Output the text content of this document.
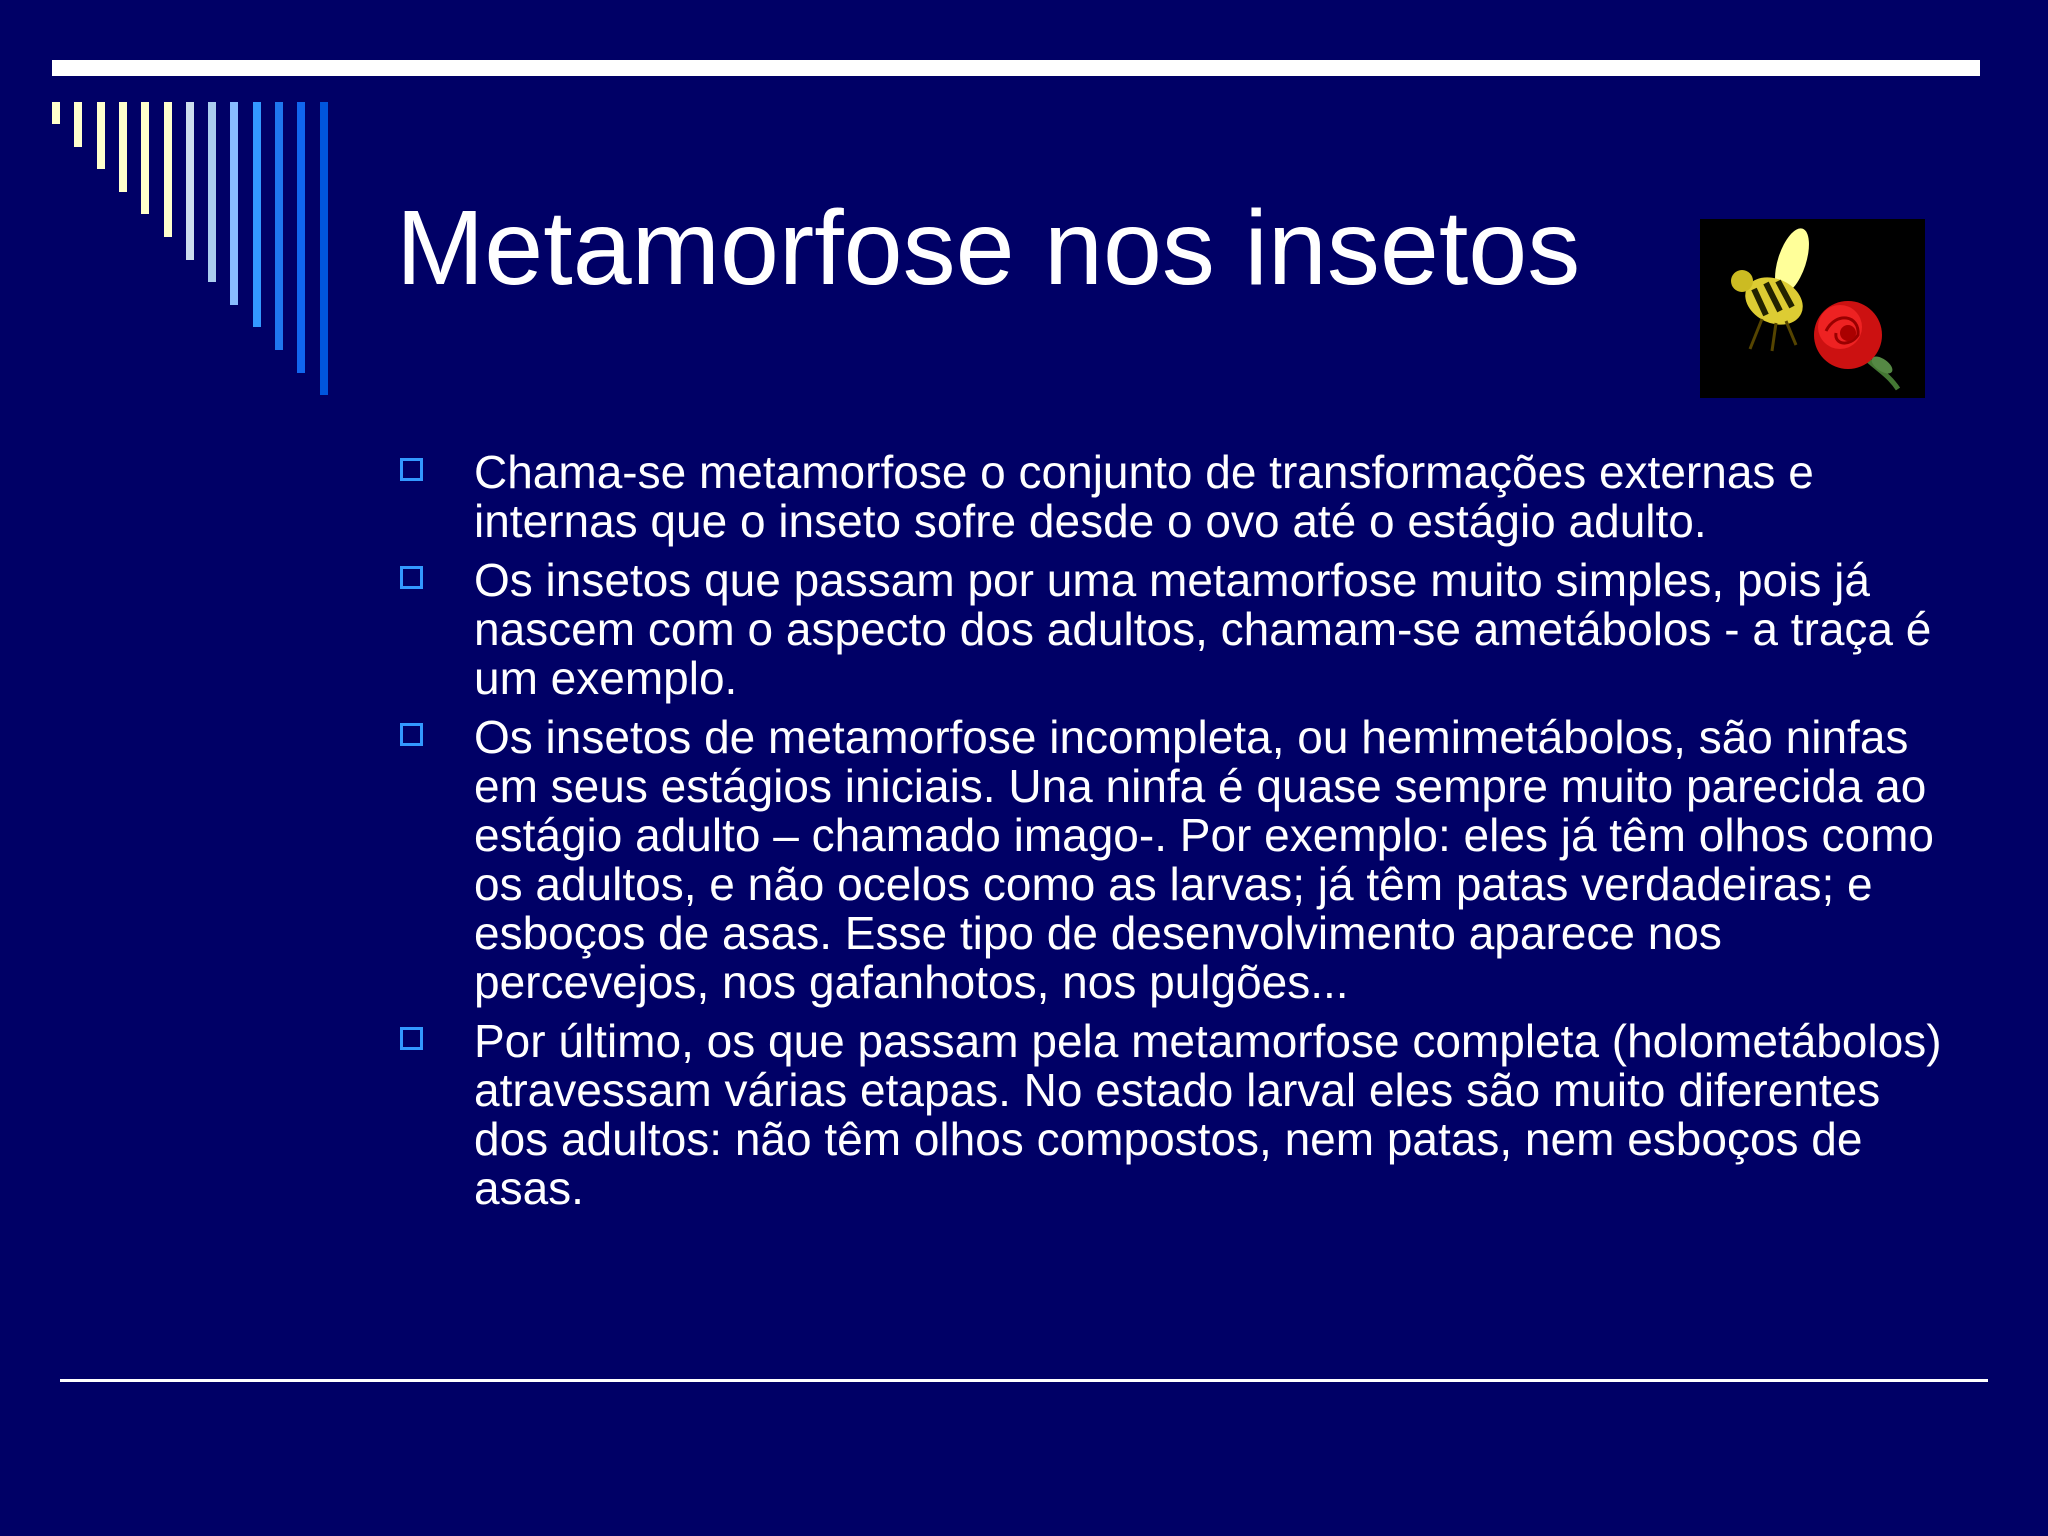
Metamorfose nos insetos
Chama-se metamorfose o conjunto de transformações externas e internas que o inseto sofre desde o ovo até o estágio adulto.
Os insetos que passam por uma metamorfose muito simples, pois já nascem com o aspecto dos adultos, chamam-se ametábolos - a traça é um exemplo.
Os insetos de metamorfose incompleta, ou hemimetábolos, são ninfas em seus estágios iniciais. Una ninfa é quase sempre muito parecida ao estágio adulto – chamado imago-. Por exemplo: eles já têm olhos como os adultos, e não ocelos como as larvas; já têm patas verdadeiras; e esboços de asas. Esse tipo de desenvolvimento aparece nos percevejos, nos gafanhotos, nos pulgões...
Por último, os que passam pela metamorfose completa (holometábolos) atravessam várias etapas. No estado larval eles são muito diferentes dos adultos: não têm olhos compostos, nem patas, nem esboços de asas.
